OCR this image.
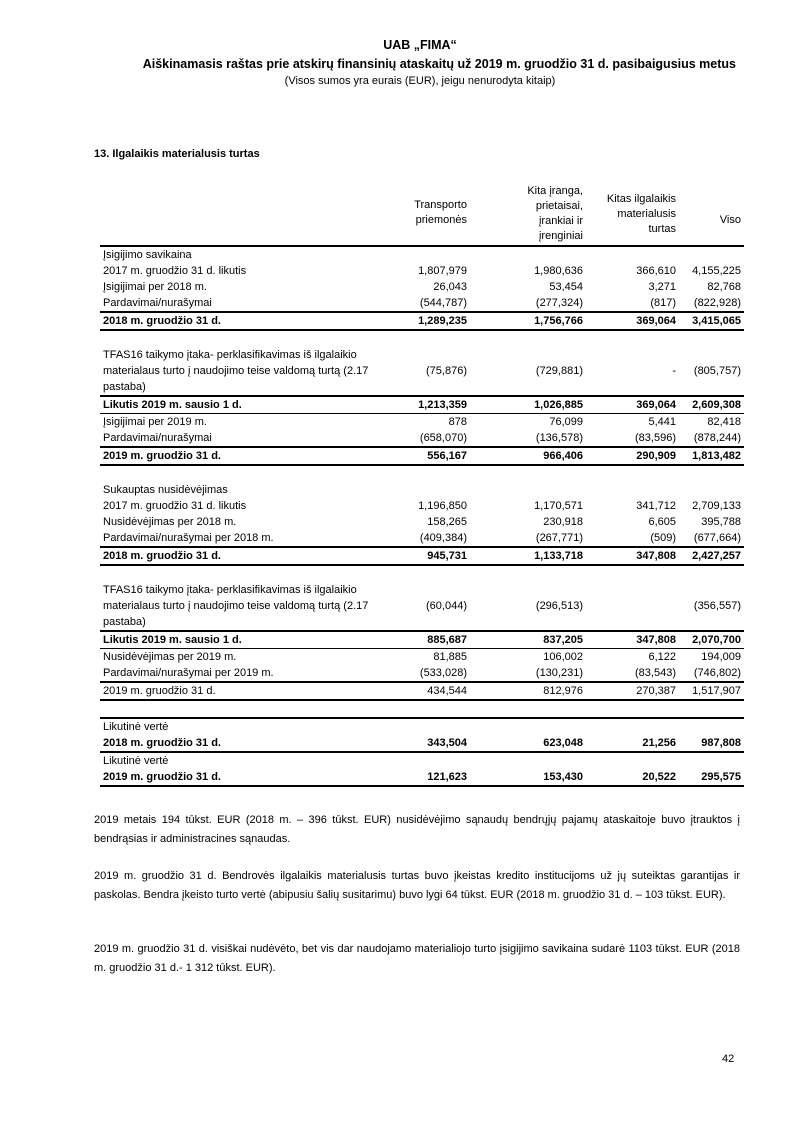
UAB „FIMA“
Aiškinamasis raštas prie atskirų finansinių ataskaitų už 2019 m. gruodžio 31 d. pasibaigusius metus
(Visos sumos yra eurais (EUR), jeigu nenurodyta kitaip)
13. Ilgalaikis materialusis turtas
	Transporto priemonės	Kita įranga, prietaisai, įrankiai ir įrenginiai	Kitas ilgalaikis materialusis turtas	Viso
Įsigijimo savikaina				
2017 m. gruodžio 31 d. likutis	1,807,979	1,980,636	366,610	4,155,225
Įsigijimai per 2018 m.	26,043	53,454	3,271	82,768
Pardavimai/nurašymai	(544,787)	(277,324)	(817)	(822,928)
2018 m. gruodžio 31 d.	1,289,235	1,756,766	369,064	3,415,065

TFAS16 taikymo įtaka- perklasifikavimas iš ilgalaikio materialaus turto į naudojimo teise valdomą turtą (2.17 pastaba)	(75,876)	(729,881)	-	(805,757)
Likutis 2019 m. sausio 1 d.	1,213,359	1,026,885	369,064	2,609,308
Įsigijimai per 2019 m.	878	76,099	5,441	82,418
Pardavimai/nurašymai	(658,070)	(136,578)	(83,596)	(878,244)
2019 m. gruodžio 31 d.	556,167	966,406	290,909	1,813,482

Sukauptas nusidėvėjimas				
2017 m. gruodžio 31 d. likutis	1,196,850	1,170,571	341,712	2,709,133
Nusidėvėjimas per 2018 m.	158,265	230,918	6,605	395,788
Pardavimai/nurašymai per 2018 m.	(409,384)	(267,771)	(509)	(677,664)
2018 m. gruodžio 31 d.	945,731	1,133,718	347,808	2,427,257

TFAS16 taikymo įtaka- perklasifikavimas iš ilgalaikio materialaus turto į naudojimo teise valdomą turtą (2.17 pastaba)	(60,044)	(296,513)		(356,557)
Likutis 2019 m. sausio 1 d.	885,687	837,205	347,808	2,070,700
Nusidėvėjimas per 2019 m.	81,885	106,002	6,122	194,009
Pardavimai/nurašymai per 2019 m.	(533,028)	(130,231)	(83,543)	(746,802)
2019 m. gruodžio 31 d.	434,544	812,976	270,387	1,517,907

Likutinė vertė				
2018 m. gruodžio 31 d.	343,504	623,048	21,256	987,808
Likutinė vertė				
2019 m. gruodžio 31 d.	121,623	153,430	20,522	295,575
2019 metais 194 tūkst. EUR (2018 m. – 396 tūkst. EUR) nusidėvėjimo sąnaudų bendrųjų pajamų ataskaitoje buvo įtrauktos į bendrąsias ir administracines sąnaudas.
2019 m. gruodžio 31 d. Bendrovės ilgalaikis materialusis turtas buvo įkeistas kredito institucijoms už jų suteiktas garantijas ir paskolas. Bendra įkeisto turto vertė (abipusiu šalių susitarimu) buvo lygi 64 tūkst. EUR (2018 m. gruodžio 31 d. – 103 tūkst. EUR).
2019 m. gruodžio 31 d. visiškai nudėvėto, bet vis dar naudojamo materialiojo turto įsigijimo savikaina sudarė 1103 tūkst. EUR (2018 m. gruodžio 31 d.- 1 312 tūkst. EUR).
42
